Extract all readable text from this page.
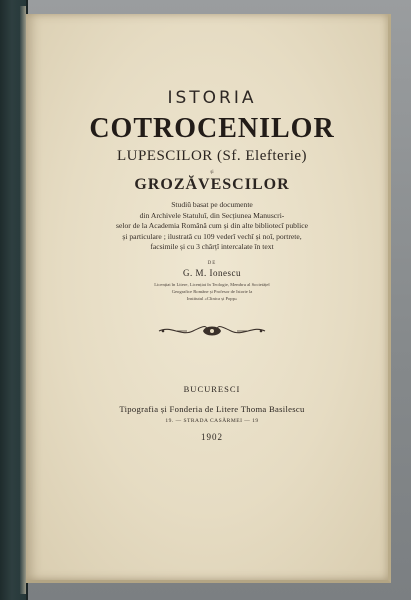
ISTORIA
COTROCENILOR
LUPESCILOR (Sf. Elefterie)
și
GROZĂVESCILOR
Studiŭ basat pe documente
din Archivele Statuluĭ, din Secțiunea Manuscri-
selor de la Academia Română cum și din alte bibliotecĭ publice
și particulare ; ilustrată cu 109 vederĭ vechĭ și noĭ, portrete,
facsimile și cu 3 chărțĭ intercalate în text
DE
G. M. Ionescu
Licențiat în Litere, Licențiat în Teologie, Membru al Societățeĭ
Geografice Române și Profesor de Istorie la
Institutul «Clinica și Popp»
BUCURESCI
Tipografia și Fonderia de Litere Thoma Basilescu
19. — STRADA CASĂRMEI — 19
1902
